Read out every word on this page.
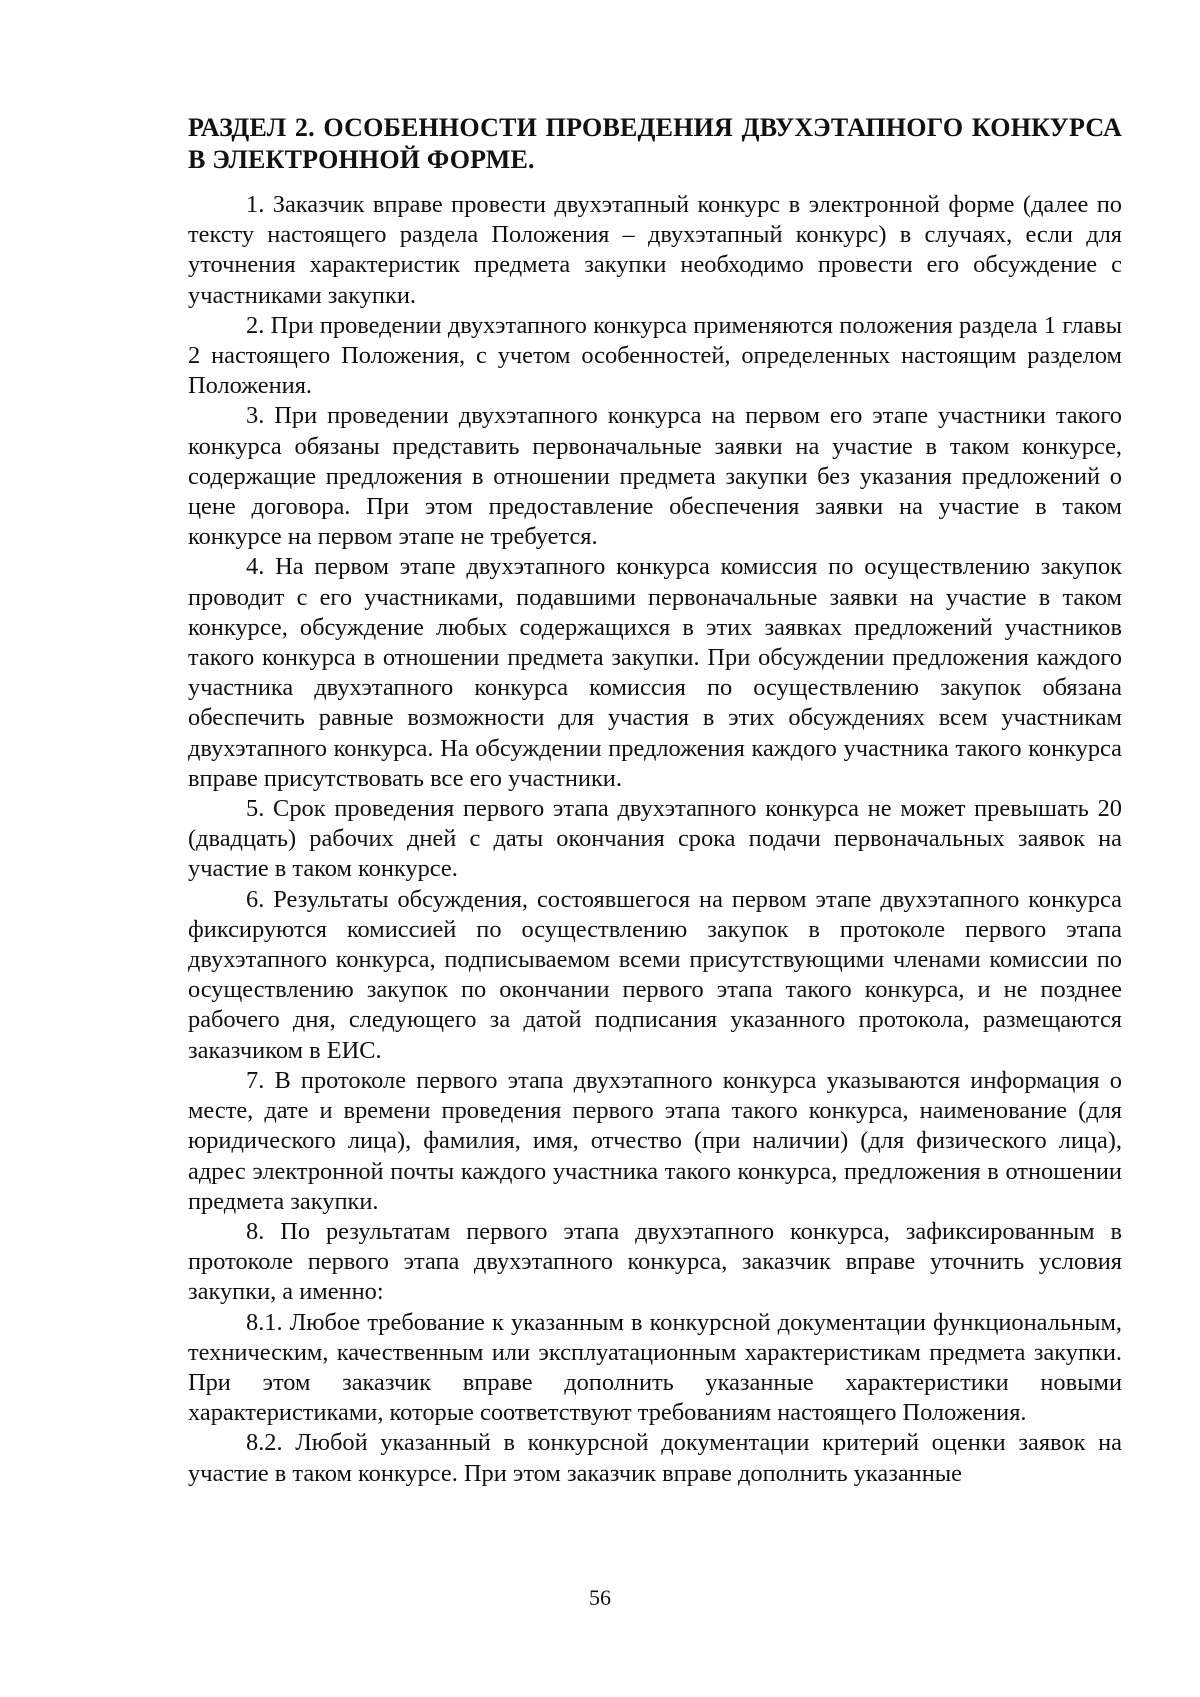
РАЗДЕЛ 2. ОСОБЕННОСТИ ПРОВЕДЕНИЯ ДВУХЭТАПНОГО КОНКУРСА В ЭЛЕКТРОННОЙ ФОРМЕ.

1. Заказчик вправе провести двухэтапный конкурс в электронной форме (далее по тексту настоящего раздела Положения – двухэтапный конкурс) в случаях, если для уточнения характеристик предмета закупки необходимо провести его обсуждение с участниками закупки.

2. При проведении двухэтапного конкурса применяются положения раздела 1 главы 2 настоящего Положения, с учетом особенностей, определенных настоящим разделом Положения.

3. При проведении двухэтапного конкурса на первом его этапе участники такого конкурса обязаны представить первоначальные заявки на участие в таком конкурсе, содержащие предложения в отношении предмета закупки без указания предложений о цене договора. При этом предоставление обеспечения заявки на участие в таком конкурсе на первом этапе не требуется.

4. На первом этапе двухэтапного конкурса комиссия по осуществлению закупок проводит с его участниками, подавшими первоначальные заявки на участие в таком конкурсе, обсуждение любых содержащихся в этих заявках предложений участников такого конкурса в отношении предмета закупки. При обсуждении предложения каждого участника двухэтапного конкурса комиссия по осуществлению закупок обязана обеспечить равные возможности для участия в этих обсуждениях всем участникам двухэтапного конкурса. На обсуждении предложения каждого участника такого конкурса вправе присутствовать все его участники.

5. Срок проведения первого этапа двухэтапного конкурса не может превышать 20 (двадцать) рабочих дней с даты окончания срока подачи первоначальных заявок на участие в таком конкурсе.

6. Результаты обсуждения, состоявшегося на первом этапе двухэтапного конкурса фиксируются комиссией по осуществлению закупок в протоколе первого этапа двухэтапного конкурса, подписываемом всеми присутствующими членами комиссии по осуществлению закупок по окончании первого этапа такого конкурса, и не позднее рабочего дня, следующего за датой подписания указанного протокола, размещаются заказчиком в ЕИС.

7. В протоколе первого этапа двухэтапного конкурса указываются информация о месте, дате и времени проведения первого этапа такого конкурса, наименование (для юридического лица), фамилия, имя, отчество (при наличии) (для физического лица), адрес электронной почты каждого участника такого конкурса, предложения в отношении предмета закупки.

8. По результатам первого этапа двухэтапного конкурса, зафиксированным в протоколе первого этапа двухэтапного конкурса, заказчик вправе уточнить условия закупки, а именно:

8.1. Любое требование к указанным в конкурсной документации функциональным, техническим, качественным или эксплуатационным характеристикам предмета закупки. При этом заказчик вправе дополнить указанные характеристики новыми характеристиками, которые соответствуют требованиям настоящего Положения.

8.2. Любой указанный в конкурсной документации критерий оценки заявок на участие в таком конкурсе. При этом заказчик вправе дополнить указанные

56
